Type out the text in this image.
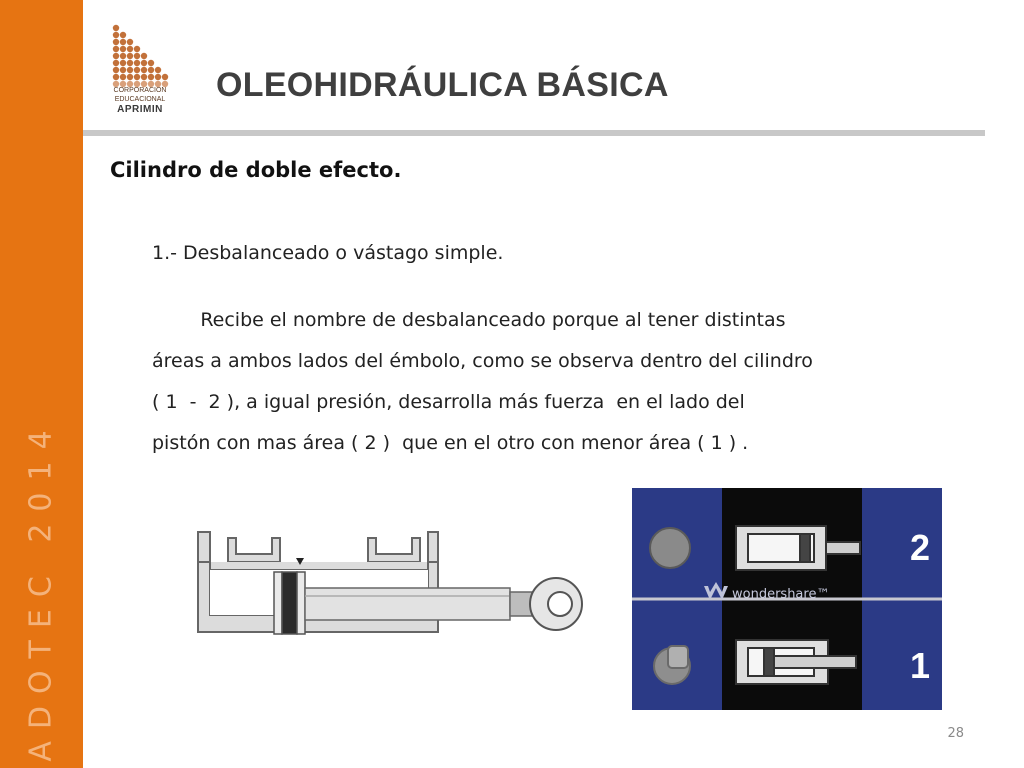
ADOTEC 2014
CORPORACION
EDUCACIONAL
APRIMIN
OLEOHIDRÁULICA BÁSICA
Cilindro de doble efecto.
1.- Desbalanceado o vástago simple.
Recibe el nombre de desbalanceado porque al tener distintas
áreas a ambos lados del émbolo, como se observa dentro del cilindro
( 1  -  2 ), a igual presión, desarrolla más fuerza  en el lado del
pistón con mas área ( 2 )  que en el otro con menor área ( 1 ) .
2
wondershare™
1
28
